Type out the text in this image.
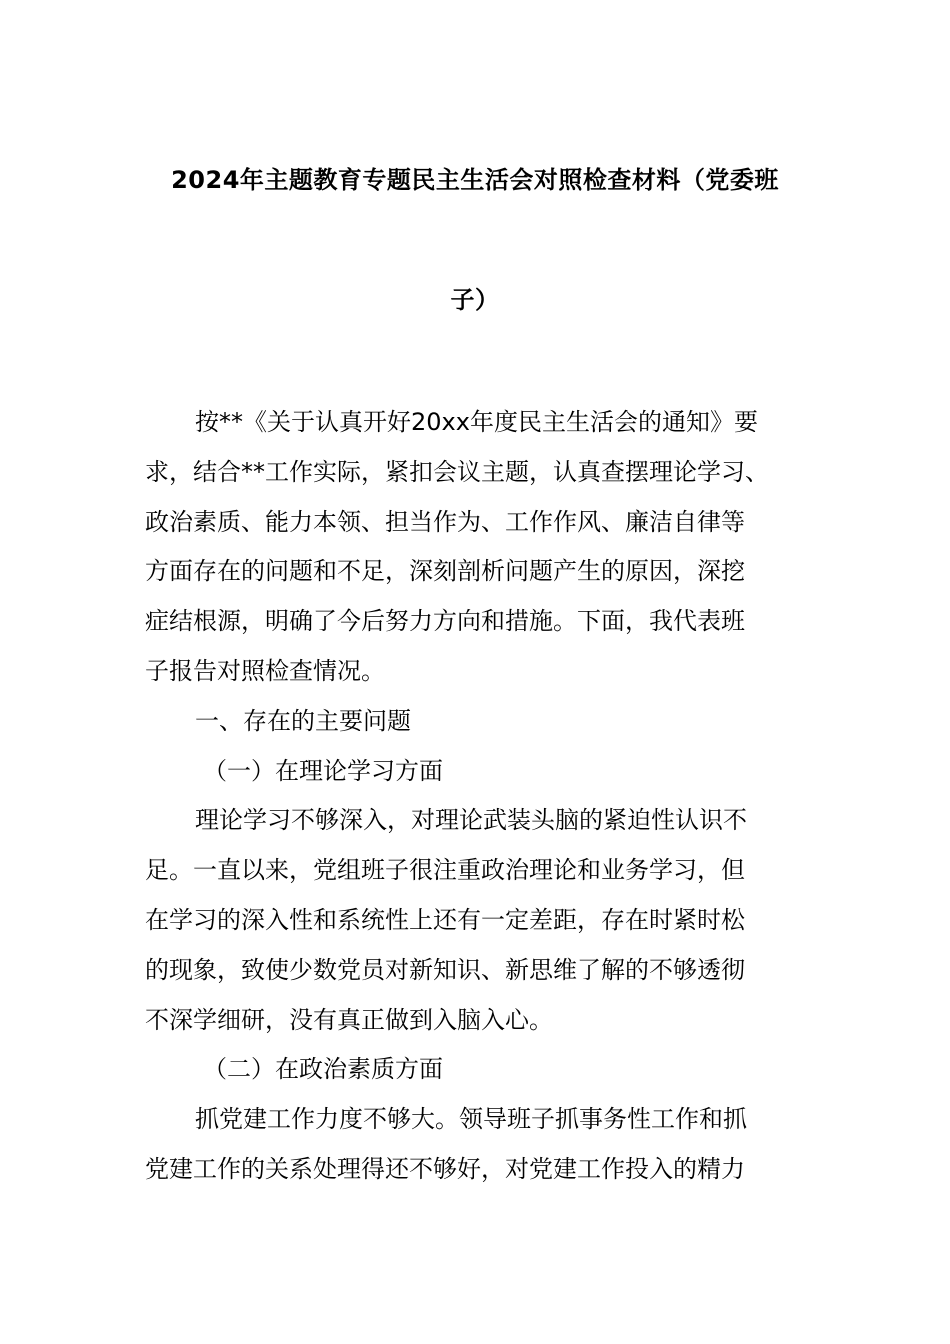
2024年主题教育专题民主生活会对照检查材料（党委班
子）
按**《关于认真开好20xx年度民主生活会的通知》要
求，结合**工作实际，紧扣会议主题，认真查摆理论学习、
政治素质、能力本领、担当作为、工作作风、廉洁自律等
方面存在的问题和不足，深刻剖析问题产生的原因，深挖
症结根源，明确了今后努力方向和措施。下面，我代表班
子报告对照检查情况。
一、存在的主要问题
（一）在理论学习方面
理论学习不够深入，对理论武装头脑的紧迫性认识不
足。一直以来，党组班子很注重政治理论和业务学习，但
在学习的深入性和系统性上还有一定差距，存在时紧时松
的现象，致使少数党员对新知识、新思维了解的不够透彻
不深学细研，没有真正做到入脑入心。
（二）在政治素质方面
抓党建工作力度不够大。领导班子抓事务性工作和抓
党建工作的关系处理得还不够好，对党建工作投入的精力
